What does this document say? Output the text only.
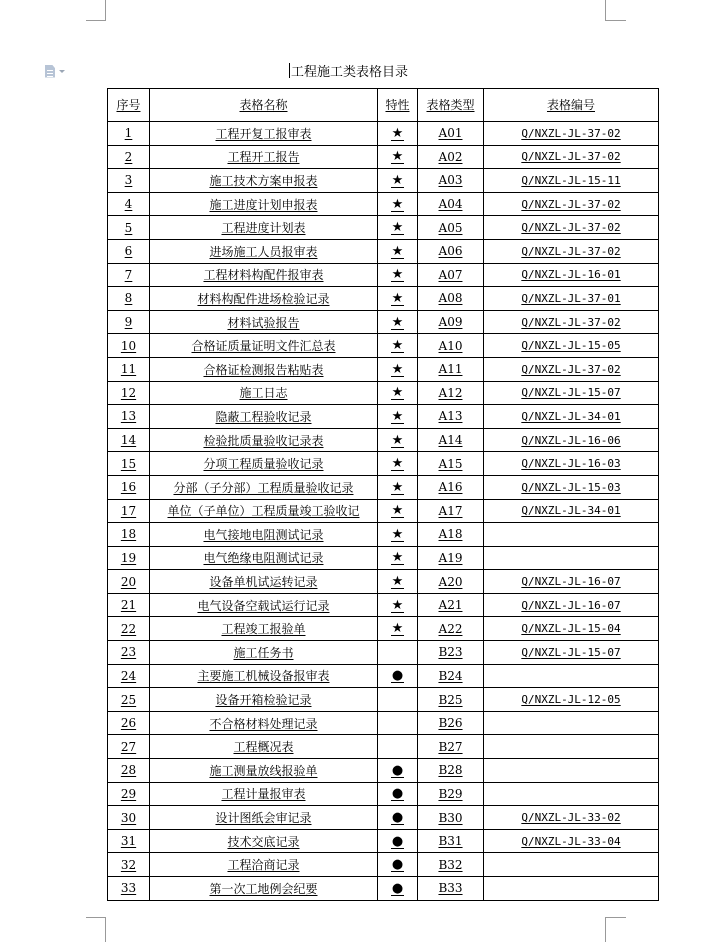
工程施工类表格目录
序号	表格名称	特性	表格类型	表格编号
1	工程开复工报审表	★	A01	Q/NXZL-JL-37-02
2	工程开工报告	★	A02	Q/NXZL-JL-37-02
3	施工技术方案申报表	★	A03	Q/NXZL-JL-15-11
4	施工进度计划申报表	★	A04	Q/NXZL-JL-37-02
5	工程进度计划表	★	A05	Q/NXZL-JL-37-02
6	进场施工人员报审表	★	A06	Q/NXZL-JL-37-02
7	工程材料构配件报审表	★	A07	Q/NXZL-JL-16-01
8	材料构配件进场检验记录	★	A08	Q/NXZL-JL-37-01
9	材料试验报告	★	A09	Q/NXZL-JL-37-02
10	合格证质量证明文件汇总表	★	A10	Q/NXZL-JL-15-05
11	合格证检测报告粘贴表	★	A11	Q/NXZL-JL-37-02
12	施工日志	★	A12	Q/NXZL-JL-15-07
13	隐蔽工程验收记录	★	A13	Q/NXZL-JL-34-01
14	检验批质量验收记录表	★	A14	Q/NXZL-JL-16-06
15	分项工程质量验收记录	★	A15	Q/NXZL-JL-16-03
16	分部（子分部）工程质量验收记录	★	A16	Q/NXZL-JL-15-03
17	单位（子单位）工程质量竣工验收记	★	A17	Q/NXZL-JL-34-01
18	电气接地电阻测试记录	★	A18	
19	电气绝缘电阻测试记录	★	A19	
20	设备单机试运转记录	★	A20	Q/NXZL-JL-16-07
21	电气设备空载试运行记录	★	A21	Q/NXZL-JL-16-07
22	工程竣工报验单	★	A22	Q/NXZL-JL-15-04
23	施工任务书		B23	Q/NXZL-JL-15-07
24	主要施工机械设备报审表	●	B24	
25	设备开箱检验记录		B25	Q/NXZL-JL-12-05
26	不合格材料处理记录		B26	
27	工程概况表		B27	
28	施工测量放线报验单	●	B28	
29	工程计量报审表	●	B29	
30	设计图纸会审记录	●	B30	Q/NXZL-JL-33-02
31	技术交底记录	●	B31	Q/NXZL-JL-33-04
32	工程洽商记录	●	B32	
33	第一次工地例会纪要	●	B33	
